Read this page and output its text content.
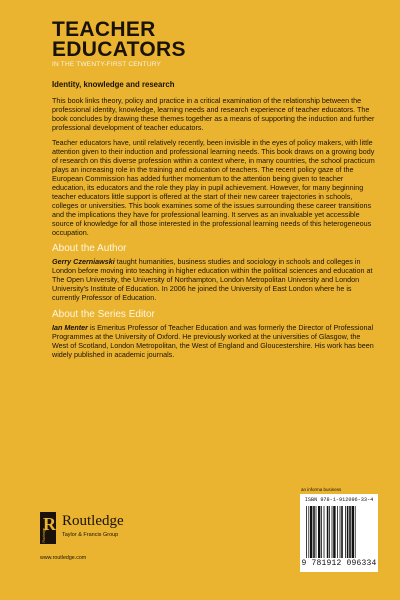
TEACHER
EDUCATORS
IN THE TWENTY-FIRST CENTURY
Identity, knowledge and research

This book links theory, policy and practice in a critical examination of the relationship between the professional identity, knowledge, learning needs and research experience of teacher educators. The book concludes by drawing these themes together as a means of supporting the induction and further professional development of teacher educators.

Teacher educators have, until relatively recently, been invisible in the eyes of policy makers, with little attention given to their induction and professional learning needs. This book draws on a growing body of research on this diverse profession within a context where, in many countries, the school practicum plays an increasing role in the training and education of teachers. The recent policy gaze of the European Commission has added further momentum to the attention being given to teacher education, its educators and the role they play in pupil achievement. However, for many beginning teacher educators little support is offered at the start of their new career trajectories in schools, colleges or universities. This book examines some of the issues surrounding these career transitions and the implications they have for professional learning. It serves as an invaluable yet accessible source of knowledge for all those interested in the professional learning needs of this heterogeneous occupation.

About the Author

Gerry Czerniawski taught humanities, business studies and sociology in schools and colleges in London before moving into teaching in higher education within the political sciences and education at The Open University, the University of Northampton, London Metropolitan University and London University’s Institute of Education. In 2006 he joined the University of East London where he is currently Professor of Education.

About the Series Editor

Ian Menter is Emeritus Professor of Teacher Education and was formerly the Director of Professional Programmes at the University of Oxford. He previously worked at the universities of Glasgow, the West of Scotland, London Metropolitan, the West of England and Gloucestershire. His work has been widely published in academic journals.

an informa business
ISBN 978-1-912096-33-4
9 781912 096334
R
Routledge
Routledge
Taylor & Francis Group
www.routledge.com
